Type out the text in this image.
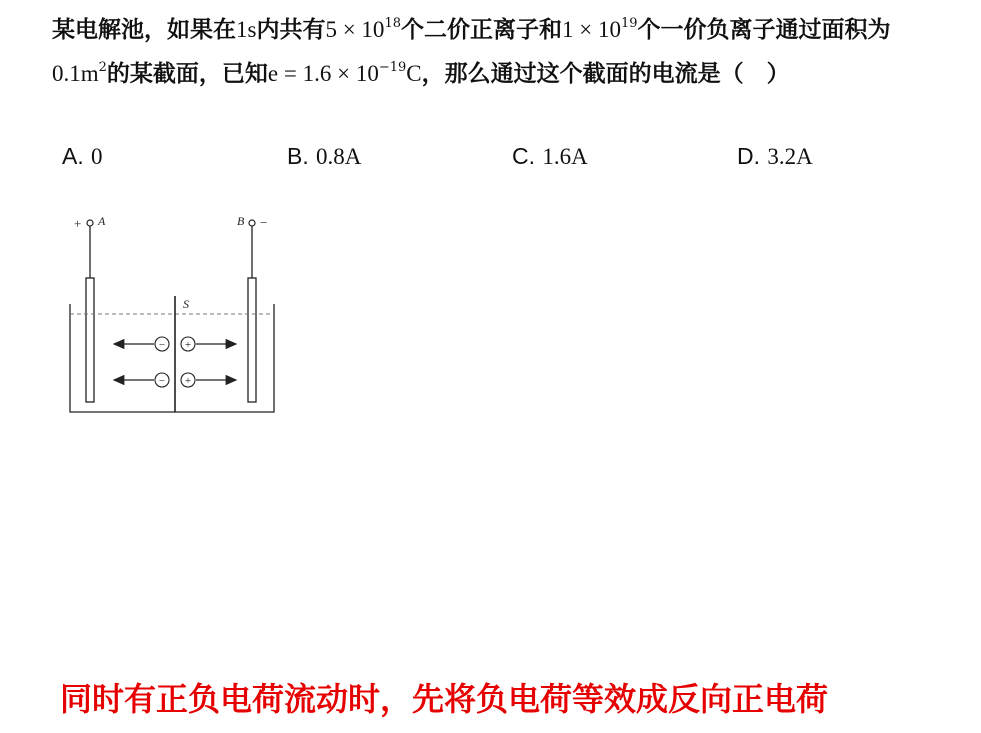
某电解池，如果在1s内共有$5 \times 10^{18}$个二价正离子和$1 \times 10^{19}$个一价负离子通过面积为$0.1m^2$的某截面，已知$e = 1.6 \times 10^{-19}C$，那么通过这个截面的电流是（　）
A. 0	B. 0.8A	C. 1.6A	D. 3.2A
+ A	B −
S
− +
− +
同时有正负电荷流动时，先将负电荷等效成反向正电荷
